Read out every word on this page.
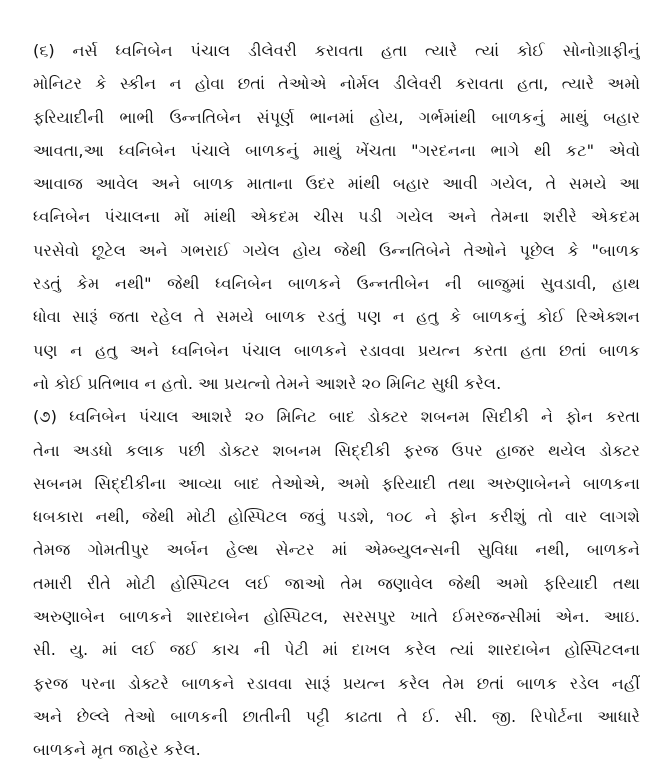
(૬) નર્સ ધ્વનિબેન પંચાલ ડીલેવરી કરાવતા હતા ત્યારે ત્યાં કોઈ સોનોગ્રાફીનું
મોનિટર કે સ્કીન ન હોવા છતાં તેઓએ નોર્મલ ડીલેવરી કરાવતા હતા, ત્યારે અમો
ફરિયાદીની ભાભી ઉન્નતિબેન સંપૂર્ણ ભાનમાં હોય, ગર્ભમાંથી બાળકનું માથું બહાર
આવતા,આ ધ્વનિબેન પંચાલે બાળકનું માથું ખેંચતા "ગરદનના ભાગે થી કટ" એવો
આવાજ આવેલ અને બાળક માતાના ઉદર માંથી બહાર આવી ગયેલ, તે સમયે આ
ધ્વનિબેન પંચાલના મોં માંથી એકદમ ચીસ પડી ગયેલ અને તેમના શરીરે એકદમ
પરસેવો છૂટેલ અને ગભરાઈ ગયેલ હોય જેથી ઉન્નતિબેને તેઓને પૂછેલ કે "બાળક
રડતું કેમ નથી" જેથી ધ્વનિબેન બાળકને ઉન્નતીબેન ની બાજુમાં સુવડાવી, હાથ
ધોવા સારૂં જતા રહેલ તે સમયે બાળક રડતું પણ ન હતુ કે બાળકનું કોઈ રિએક્શન
પણ ન હતુ અને ધ્વનિબેન પંચાલ બાળકને રડાવવા પ્રયત્ન કરતા હતા છતાં બાળક
નો કોઈ પ્રતિભાવ ન હતો. આ પ્રયત્નો તેમને આશરે ૨૦ મિનિટ સુધી કરેલ.
(૭) ધ્વનિબેન પંચાલ આશરે ૨૦ મિનિટ બાદ ડોક્ટર શબનમ સિદીકી ને ફોન કરતા
તેના અડધો કલાક પછી ડોક્ટર શબનમ સિદ્દીકી ફરજ ઉપર હાજર થયેલ ડોક્ટર
સબનમ સિદ્દીકીના આવ્યા બાદ તેઓએ, અમો ફરિયાદી તથા અરુણાબેનને બાળકના
ધબકારા નથી, જેથી મોટી હોસ્પિટલ જવું પડશે, ૧૦૮ ને ફોન કરીશું તો વાર લાગશે
તેમજ ગોમતીપુર અર્બન હેલ્થ સેન્ટર માં એમ્બ્યુલન્સની સુવિધા નથી, બાળકને
તમારી રીતે મોટી હોસ્પિટલ લઈ જાઓ તેમ જણાવેલ જેથી અમો ફરિયાદી તથા
અરુણાબેન બાળકને શારદાબેન હોસ્પિટલ, સરસપુર ખાતે ઈમરજન્સીમાં એન. આઇ.
સી. યુ. માં લઈ જઈ કાચ ની પેટી માં દાખલ કરેલ ત્યાં શારદાબેન હોસ્પિટલના
ફરજ પરના ડોક્ટરે બાળકને રડાવવા સારૂં પ્રયત્ન કરેલ તેમ છતાં બાળક રડેલ નહીં
અને છેલ્લે તેઓ બાળકની છાતીની પટ્ટી કાઢતા તે ઈ. સી. જી. રિપોર્ટના આધારે
બાળકને મૃત જાહેર કરેલ.
